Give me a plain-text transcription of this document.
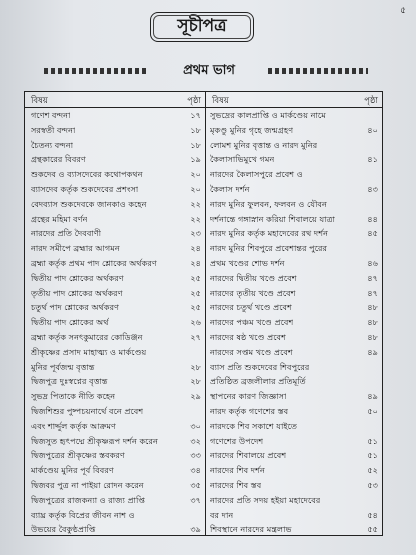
৫
সূচীপত্র
প্রথম ভাগ
বিষয়	পৃষ্ঠা
গণেশ বন্দনা	১৭
সরস্বতী বন্দনা	১৮
চৈতন্য বন্দনা	১৮
গ্রন্থকারের বিবরণ	১৯
শুকদেব ও ব্যাসদেবের কথোপকথন	২০
ব্যাসদেব কর্তৃক শুকদেবের প্রশংসা	২০
বেদব্যাস শুকদেবকে জানকাও কহেন	২২
গ্রন্থের মহিমা বর্ণন	২২
নারদের প্রতি দৈববাণী	২৩
নারদ সমীপে ব্রহ্মার আগমন	২৪
ব্রহ্মা কর্তৃক প্রথম পাদ শ্লোকের অর্থকরণ	২৪
দ্বিতীয় পাদ শ্লোকের অর্থকরণ	২৫
তৃতীয় পাদ শ্লোকের অর্থকরণ	২৫
চতুর্থ পাদ শ্লোকের অর্থকরণ	২৫
দ্বিতীয় পাদ শ্লোকের অর্থ	২৬
ব্রহ্মা কর্তৃক সনৎকুমারের কোডিঞ্জন	২৭
শ্রীকৃষ্ণের প্রসাদ মাহাত্ম্য ও মার্কণ্ডেয়
মুনির পূর্বজন্ম বৃত্তান্ত	২৮
দ্বিজপুত্র দুঃস্বপ্নের বৃত্তান্ত	২৮
সুভদ্র পিতাকে নীতি কহেন	২৯
দ্বিজশিশুর পুষ্পচয়নার্থে বনে প্রবেশ
এবং শার্দ্দুল কর্তৃক আক্রমণ	৩০
দ্বিজসুত হৃৎপদ্মে শ্রীকৃষ্ণরূপ দর্শন করেন	৩২
দ্বিজপুত্রের শ্রীকৃষ্ণের স্তবকরণ	৩৩
মার্কণ্ডেয় মুনির পূর্ব বিবরণ	৩৪
দ্বিজবর পুত্র না পাইয়া রোদন করেন	৩৫
দ্বিজপুত্রের রাজকন্যা ও রাজ্য প্রাপ্তি	৩৭
ব্যাঘ্র কর্তৃক বিপ্রের জীবন নাশ ও
উভয়ের বৈকুণ্ঠপ্রাপ্তি	৩৯
বিষয়	পৃষ্ঠা
সুভদ্রের কালপ্রাপ্তি ও মার্কণ্ডেয় নামে
মৃকণ্ডু মুনির গৃহে জন্মগ্রহণ	৪০
লোমশ মুনির বৃত্তান্ত ও নারদ মুনির
কৈলাসাভিমুখে গমন	৪১
নারদের কৈলাসপুরে প্রবেশ ও
কৈলাস দর্শন	৪৩
নারদ মুনির ফুলবন, ফলবন ও যৌবন
দর্শনান্তে গঙ্গাস্নান করিয়া শিবালয়ে যাত্রা	৪৪
নারদ মুনির কর্তৃক মহাদেবের রথ দর্শন	৪৫
নারদ মুনির শিবপুরে প্রবেশান্তর পুরের
প্রথম খণ্ডের শোভ দর্শন	৪৬
নারদের দ্বিতীয় খণ্ডে প্রবেশ	৪৭
নারদের তৃতীয় খণ্ডে প্রবেশ	৪৭
নারদের চতুর্থ খণ্ডে প্রবেশ	৪৮
নারদের পঞ্চম খণ্ডে প্রবেশ	৪৮
নারদের ষষ্ঠ খণ্ডে প্রবেশ	৪৮
নারদের সপ্তম খণ্ডে প্রবেশ	৪৯
ব্যাস প্রতি শুকদেবের শিবপুরের
প্রতিষ্ঠিত ব্রজলীলার প্রতিমূর্তি
স্থাপনের কারণ জিজ্ঞাসা	৪৯
নারদ কর্তৃক গণেশের স্তব	৫০
নারদকে শিব সকাশে যাইতে
গণেশের উপদেশ	৫১
নারদের শিবালয়ে প্রবেশ	৫১
নারদের শিব দর্শন	৫২
নারদের শিব স্তব	৫৩
নারদের প্রতি সদয় হইয়া মহাদেবের
বর দান	৫৪
শিবস্থানে নারদের মন্ত্রলাভ	৫৫
